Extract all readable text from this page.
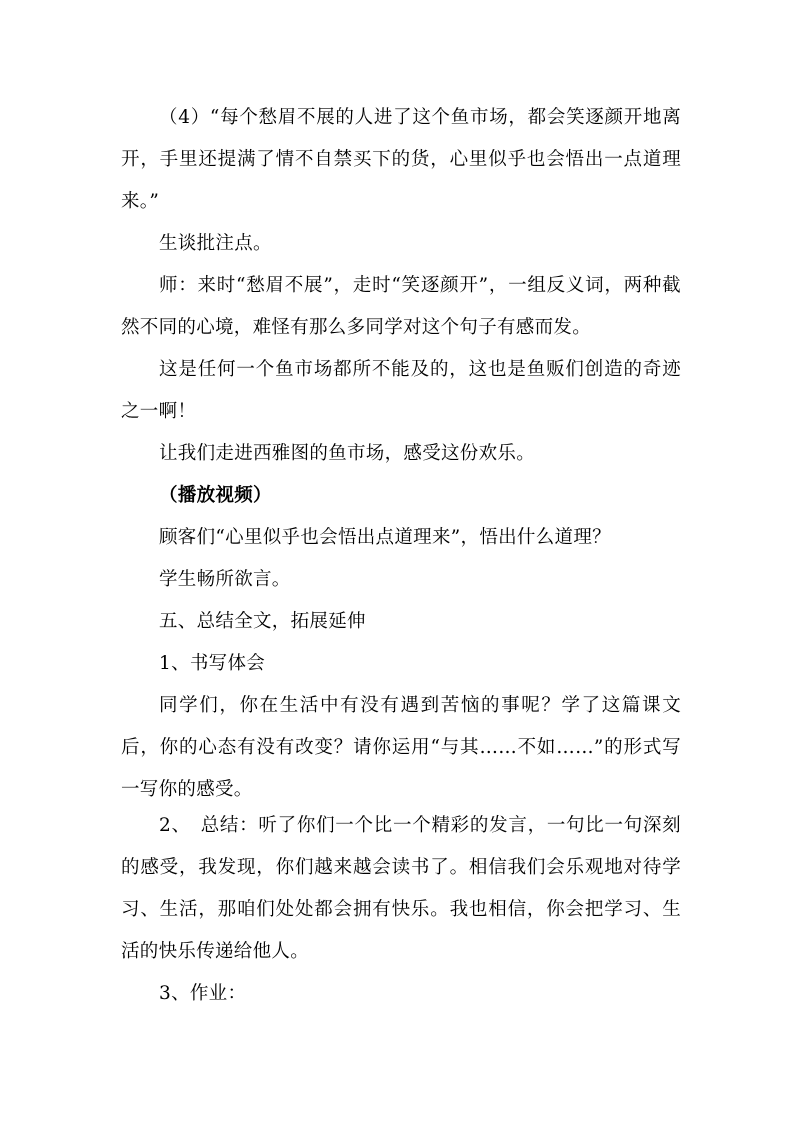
（4）“每个愁眉不展的人进了这个鱼市场，都会笑逐颜开地离开，手里还提满了情不自禁买下的货，心里似乎也会悟出一点道理来。”

生谈批注点。

师：来时“愁眉不展”，走时“笑逐颜开”，一组反义词，两种截然不同的心境，难怪有那么多同学对这个句子有感而发。

这是任何一个鱼市场都所不能及的，这也是鱼贩们创造的奇迹之一啊！

让我们走进西雅图的鱼市场，感受这份欢乐。

（播放视频）

顾客们“心里似乎也会悟出点道理来”，悟出什么道理？

学生畅所欲言。

五、总结全文，拓展延伸

1、书写体会

同学们，你在生活中有没有遇到苦恼的事呢？学了这篇课文后，你的心态有没有改变？请你运用“与其……不如……”的形式写一写你的感受。

2、　总结：听了你们一个比一个精彩的发言，一句比一句深刻的感受，我发现，你们越来越会读书了。相信我们会乐观地对待学习、生活，那咱们处处都会拥有快乐。我也相信，你会把学习、生活的快乐传递给他人。

3、作业：
